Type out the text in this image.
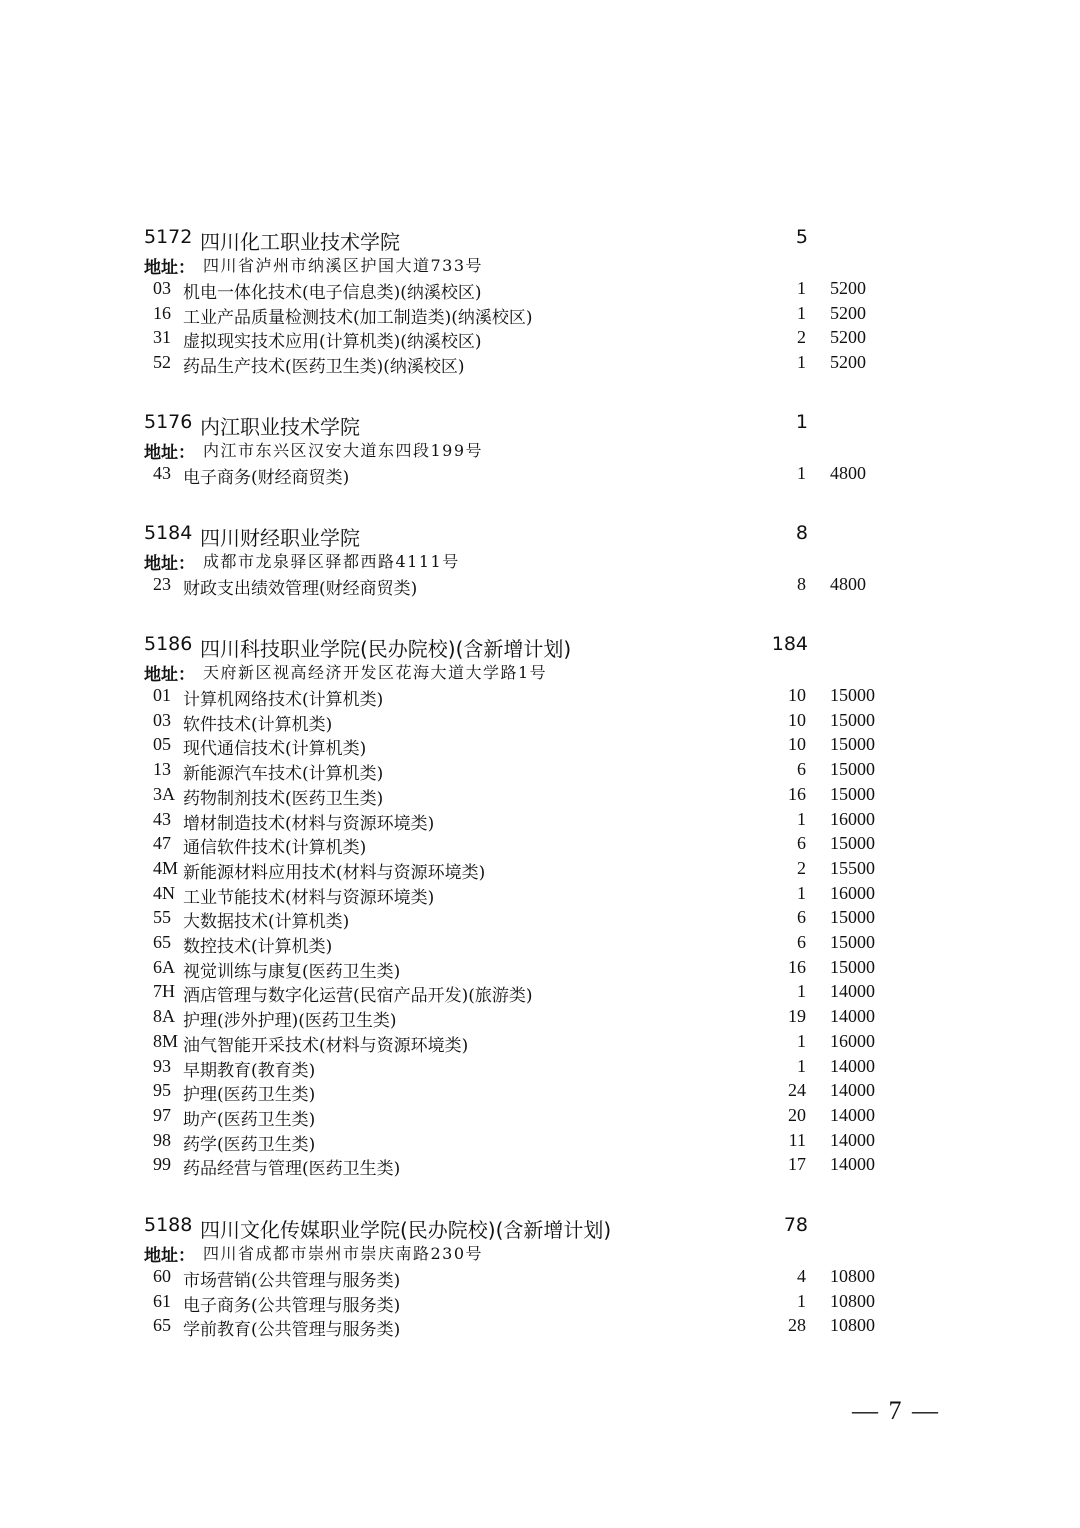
5172 四川化工职业技术学院	5
地址： 四川省泸州市纳溪区护国大道733号
03 机电一体化技术(电子信息类)(纳溪校区)	1 5200
16 工业产品质量检测技术(加工制造类)(纳溪校区)	1 5200
31 虚拟现实技术应用(计算机类)(纳溪校区)	2 5200
52 药品生产技术(医药卫生类)(纳溪校区)	1 5200
5176 内江职业技术学院	1
地址： 内江市东兴区汉安大道东四段199号
43 电子商务(财经商贸类)	1 4800
5184 四川财经职业学院	8
地址： 成都市龙泉驿区驿都西路4111号
23 财政支出绩效管理(财经商贸类)	8 4800
5186 四川科技职业学院(民办院校)(含新增计划)	184
地址： 天府新区视高经济开发区花海大道大学路1号
01 计算机网络技术(计算机类)	10 15000
03 软件技术(计算机类)	10 15000
05 现代通信技术(计算机类)	10 15000
13 新能源汽车技术(计算机类)	6 15000
3A 药物制剂技术(医药卫生类)	16 15000
43 增材制造技术(材料与资源环境类)	1 16000
47 通信软件技术(计算机类)	6 15000
4M 新能源材料应用技术(材料与资源环境类)	2 15500
4N 工业节能技术(材料与资源环境类)	1 16000
55 大数据技术(计算机类)	6 15000
65 数控技术(计算机类)	6 15000
6A 视觉训练与康复(医药卫生类)	16 15000
7H 酒店管理与数字化运营(民宿产品开发)(旅游类)	1 14000
8A 护理(涉外护理)(医药卫生类)	19 14000
8M 油气智能开采技术(材料与资源环境类)	1 16000
93 早期教育(教育类)	1 14000
95 护理(医药卫生类)	24 14000
97 助产(医药卫生类)	20 14000
98 药学(医药卫生类)	11 14000
99 药品经营与管理(医药卫生类)	17 14000
5188 四川文化传媒职业学院(民办院校)(含新增计划)	78
地址： 四川省成都市崇州市崇庆南路230号
60 市场营销(公共管理与服务类)	4 10800
61 电子商务(公共管理与服务类)	1 10800
65 学前教育(公共管理与服务类)	28 10800
— 7 —
